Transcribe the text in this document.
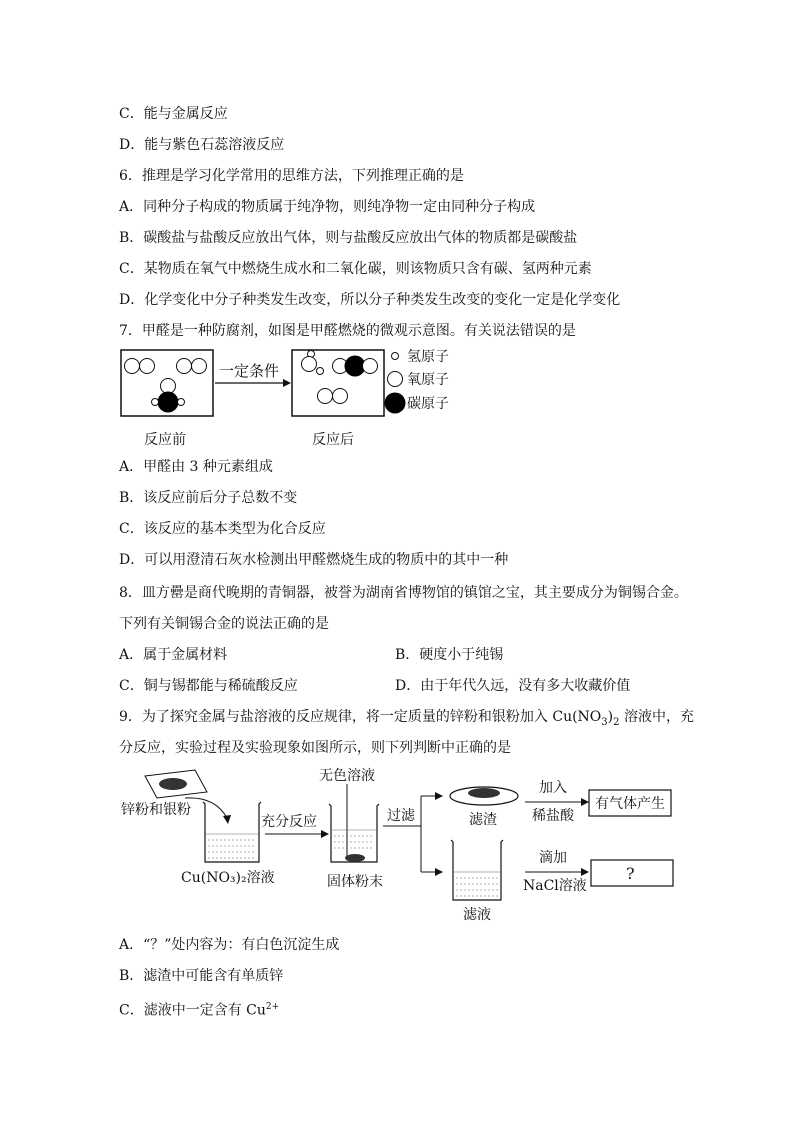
C．能与金属反应
D．能与紫色石蕊溶液反应
6．推理是学习化学常用的思维方法，下列推理正确的是
A．同种分子构成的物质属于纯净物，则纯净物一定由同种分子构成
B．碳酸盐与盐酸反应放出气体，则与盐酸反应放出气体的物质都是碳酸盐
C．某物质在氧气中燃烧生成水和二氧化碳，则该物质只含有碳、氢两种元素
D．化学变化中分子种类发生改变，所以分子种类发生改变的变化一定是化学变化
7．甲醛是一种防腐剂，如图是甲醛燃烧的微观示意图。有关说法错误的是
一定条件
氢原子
氧原子
碳原子
反应前	反应后
A．甲醛由 3 种元素组成
B．该反应前后分子总数不变
C．该反应的基本类型为化合反应
D．可以用澄清石灰水检测出甲醛燃烧生成的物质中的其中一种
8．皿方罍是商代晚期的青铜器，被誉为湖南省博物馆的镇馆之宝，其主要成分为铜锡合金。
下列有关铜锡合金的说法正确的是
A．属于金属材料	B．硬度小于纯锡
C．铜与锡都能与稀硫酸反应	D．由于年代久远，没有多大收藏价值
9．为了探究金属与盐溶液的反应规律，将一定质量的锌粉和银粉加入 $Cu(NO_3)_2$ 溶液中，充
分反应，实验过程及实验现象如图所示，则下列判断中正确的是
锌粉和银粉
Cu(NO₃)₂溶液
充分反应
无色溶液
固体粉末
过滤	滤渣
加入
稀盐酸
有气体产生
滤液
滴加
NaCl溶液
?
A．“？”处内容为：有白色沉淀生成
B．滤渣中可能含有单质锌
C．滤液中一定含有 $Cu^{2+}$
